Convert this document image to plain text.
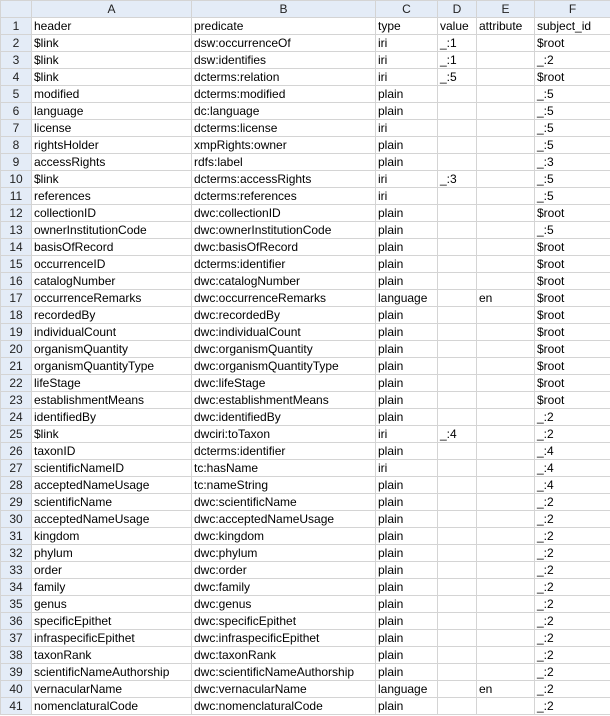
	A	B	C	D	E	F
1	header	predicate	type	value	attribute	subject_id
2	$link	dsw:occurrenceOf	iri	_:1		$root
3	$link	dsw:identifies	iri	_:1		_:2
4	$link	dcterms:relation	iri	_:5		$root
5	modified	dcterms:modified	plain			_:5
6	language	dc:language	plain			_:5
7	license	dcterms:license	iri			_:5
8	rightsHolder	xmpRights:owner	plain			_:5
9	accessRights	rdfs:label	plain			_:3
10	$link	dcterms:accessRights	iri	_:3		_:5
11	references	dcterms:references	iri			_:5
12	collectionID	dwc:collectionID	plain			$root
13	ownerInstitutionCode	dwc:ownerInstitutionCode	plain			_:5
14	basisOfRecord	dwc:basisOfRecord	plain			$root
15	occurrenceID	dcterms:identifier	plain			$root
16	catalogNumber	dwc:catalogNumber	plain			$root
17	occurrenceRemarks	dwc:occurrenceRemarks	language		en	$root
18	recordedBy	dwc:recordedBy	plain			$root
19	individualCount	dwc:individualCount	plain			$root
20	organismQuantity	dwc:organismQuantity	plain			$root
21	organismQuantityType	dwc:organismQuantityType	plain			$root
22	lifeStage	dwc:lifeStage	plain			$root
23	establishmentMeans	dwc:establishmentMeans	plain			$root
24	identifiedBy	dwc:identifiedBy	plain			_:2
25	$link	dwciri:toTaxon	iri	_:4		_:2
26	taxonID	dcterms:identifier	plain			_:4
27	scientificNameID	tc:hasName	iri			_:4
28	acceptedNameUsage	tc:nameString	plain			_:4
29	scientificName	dwc:scientificName	plain			_:2
30	acceptedNameUsage	dwc:acceptedNameUsage	plain			_:2
31	kingdom	dwc:kingdom	plain			_:2
32	phylum	dwc:phylum	plain			_:2
33	order	dwc:order	plain			_:2
34	family	dwc:family	plain			_:2
35	genus	dwc:genus	plain			_:2
36	specificEpithet	dwc:specificEpithet	plain			_:2
37	infraspecificEpithet	dwc:infraspecificEpithet	plain			_:2
38	taxonRank	dwc:taxonRank	plain			_:2
39	scientificNameAuthorship	dwc:scientificNameAuthorship	plain			_:2
40	vernacularName	dwc:vernacularName	language		en	_:2
41	nomenclaturalCode	dwc:nomenclaturalCode	plain			_:2
